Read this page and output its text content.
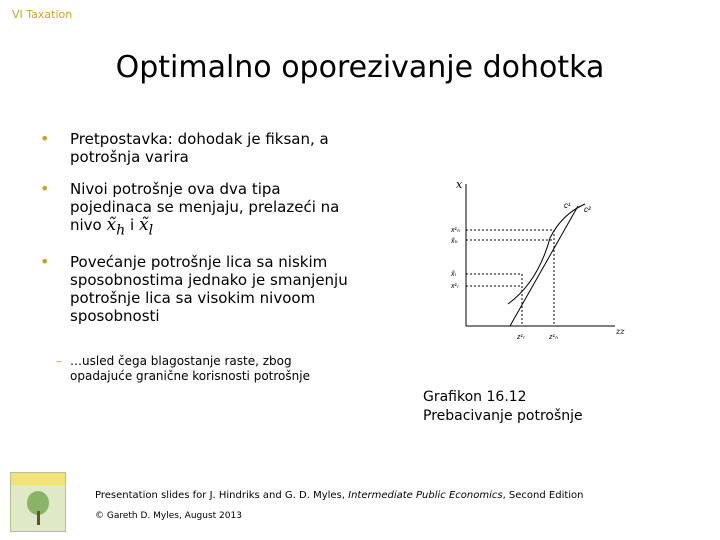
VI Taxation
Optimalno oporezivanje dohotka
• Pretpostavka: dohodak je fiksan, a potrošnja varira
• Nivoi potrošnje ova dva tipa pojedinaca se menjaju, prelazeći na nivo $x̃_h$ i $x̃_l$
• Povećanje potrošnje lica sa niskim sposobnostima jednako je smanjenju potrošnje lica sa visokim nivoom sposobnosti
– …usled čega blagostanje raste, zbog opadajuće granične korisnosti potrošnje
x
zz
c¹ c²
x¹ₕ
x̃ₕ
x̃ₗ
x¹ₗ
z¹ₗ	z¹ₕ
Grafikon 16.12
Prebacivanje potrošnje
Presentation slides for J. Hindriks and G. D. Myles, Intermediate Public Economics, Second Edition
© Gareth D. Myles, August 2013
